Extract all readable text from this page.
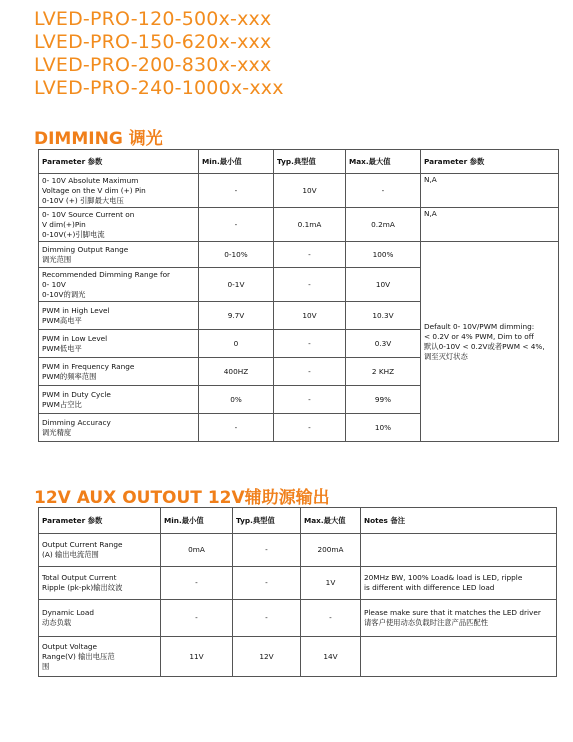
LVED-PRO-120-500x-xxx
LVED-PRO-150-620x-xxx
LVED-PRO-200-830x-xxx
LVED-PRO-240-1000x-xxx
DIMMING 调光
Parameter 参数	Min.最小值	Typ.典型值	Max.最大值	Parameter 参数

0- 10V Absolute Maximum
Voltage on the V dim (+) Pin
0-10V (+) 引脚最大电压	-	10V	-	N,A

0- 10V Source Current on
V dim(+)Pin
0-10V(+)引脚电流	-	0.1mA	0.2mA	N,A

Dimming Output Range
调光范围	0-10%	-	100%	Default 0- 10V/PWM dimming:
< 0.2V or 4% PWM, Dim to off
默认0-10V < 0.2V或者PWM < 4%,
调至灭灯状态

Recommended Dimming Range for
0- 10V
0-10V的调光	0-1V	-	10V	

PWM in High Level
PWM高电平	9.7V	10V	10.3V	

PWM in Low Level
PWM低电平	0	-	0.3V	

PWM in Frequency Range
PWM的频率范围	400HZ	-	2 KHZ	

PWM in Duty Cycle
PWM占空比	0%	-	99%	

Dimming Accuracy
调光精度	-	-	10%	
12V AUX OUTOUT 12V辅助源输出
Parameter 参数	Min.最小值	Typ.典型值	Max.最大值	Notes 备注

Output Current Range
(A) 输出电流范围	0mA	-	200mA	

Total Output Current
Ripple (pk-pk)输出纹波	-	-	1V	20MHz BW, 100% Load& load is LED, ripple
is different with difference LED load

Dynamic Load
动态负载	-	-	-	Please make sure that it matches the LED driver
请客户使用动态负载时注意产品匹配性

Output Voltage
Range(V) 输出电压范
围	11V	12V	14V	
